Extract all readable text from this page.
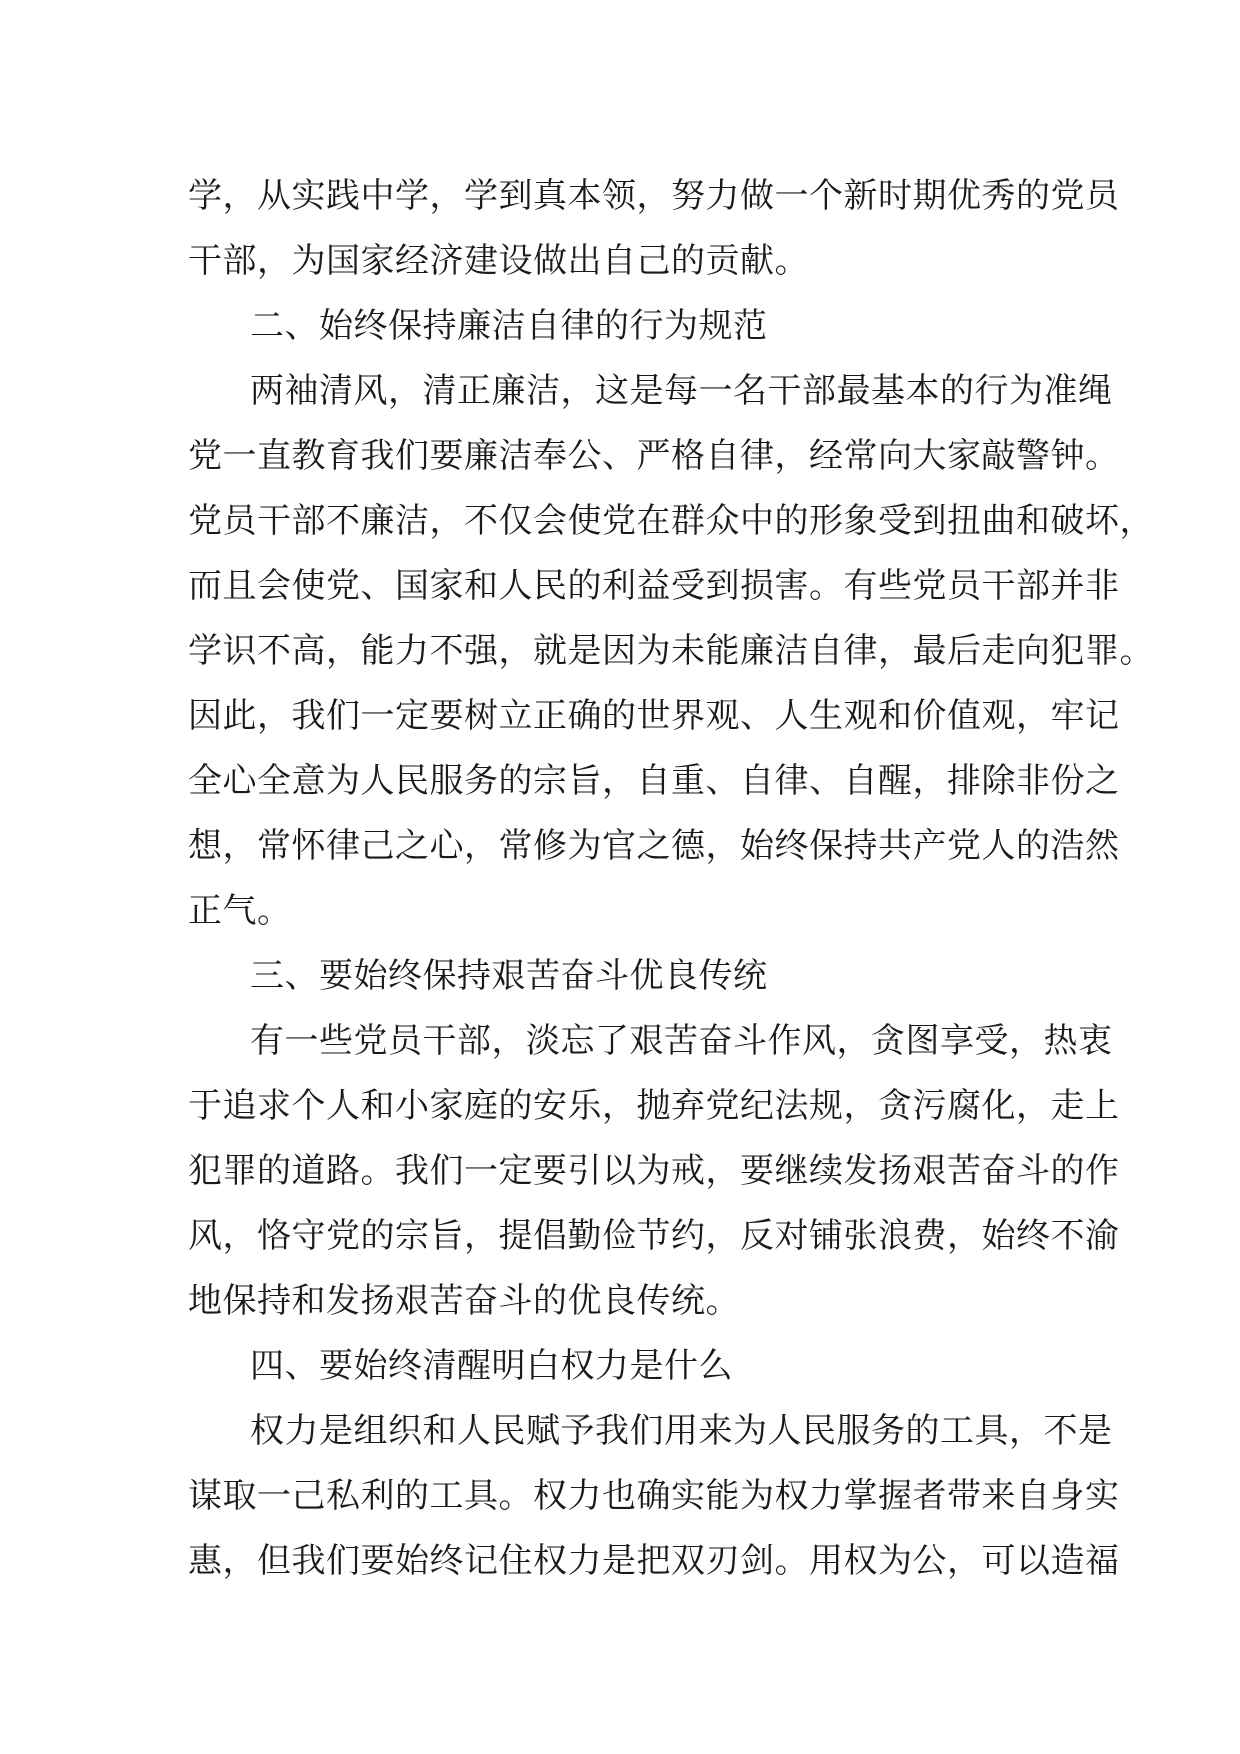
学，从实践中学，学到真本领，努力做一个新时期优秀的党员
干部，为国家经济建设做出自己的贡献。
二、始终保持廉洁自律的行为规范
两袖清风，清正廉洁，这是每一名干部最基本的行为准绳
党一直教育我们要廉洁奉公、严格自律，经常向大家敲警钟。
党员干部不廉洁，不仅会使党在群众中的形象受到扭曲和破坏，
而且会使党、国家和人民的利益受到损害。有些党员干部并非
学识不高，能力不强，就是因为未能廉洁自律，最后走向犯罪。
因此，我们一定要树立正确的世界观、人生观和价值观，牢记
全心全意为人民服务的宗旨，自重、自律、自醒，排除非份之
想，常怀律己之心，常修为官之德，始终保持共产党人的浩然
正气。
三、要始终保持艰苦奋斗优良传统
有一些党员干部，淡忘了艰苦奋斗作风，贪图享受，热衷
于追求个人和小家庭的安乐，抛弃党纪法规，贪污腐化，走上
犯罪的道路。我们一定要引以为戒，要继续发扬艰苦奋斗的作
风，恪守党的宗旨，提倡勤俭节约，反对铺张浪费，始终不渝
地保持和发扬艰苦奋斗的优良传统。
四、要始终清醒明白权力是什么
权力是组织和人民赋予我们用来为人民服务的工具，不是
谋取一己私利的工具。权力也确实能为权力掌握者带来自身实
惠，但我们要始终记住权力是把双刃剑。用权为公，可以造福
